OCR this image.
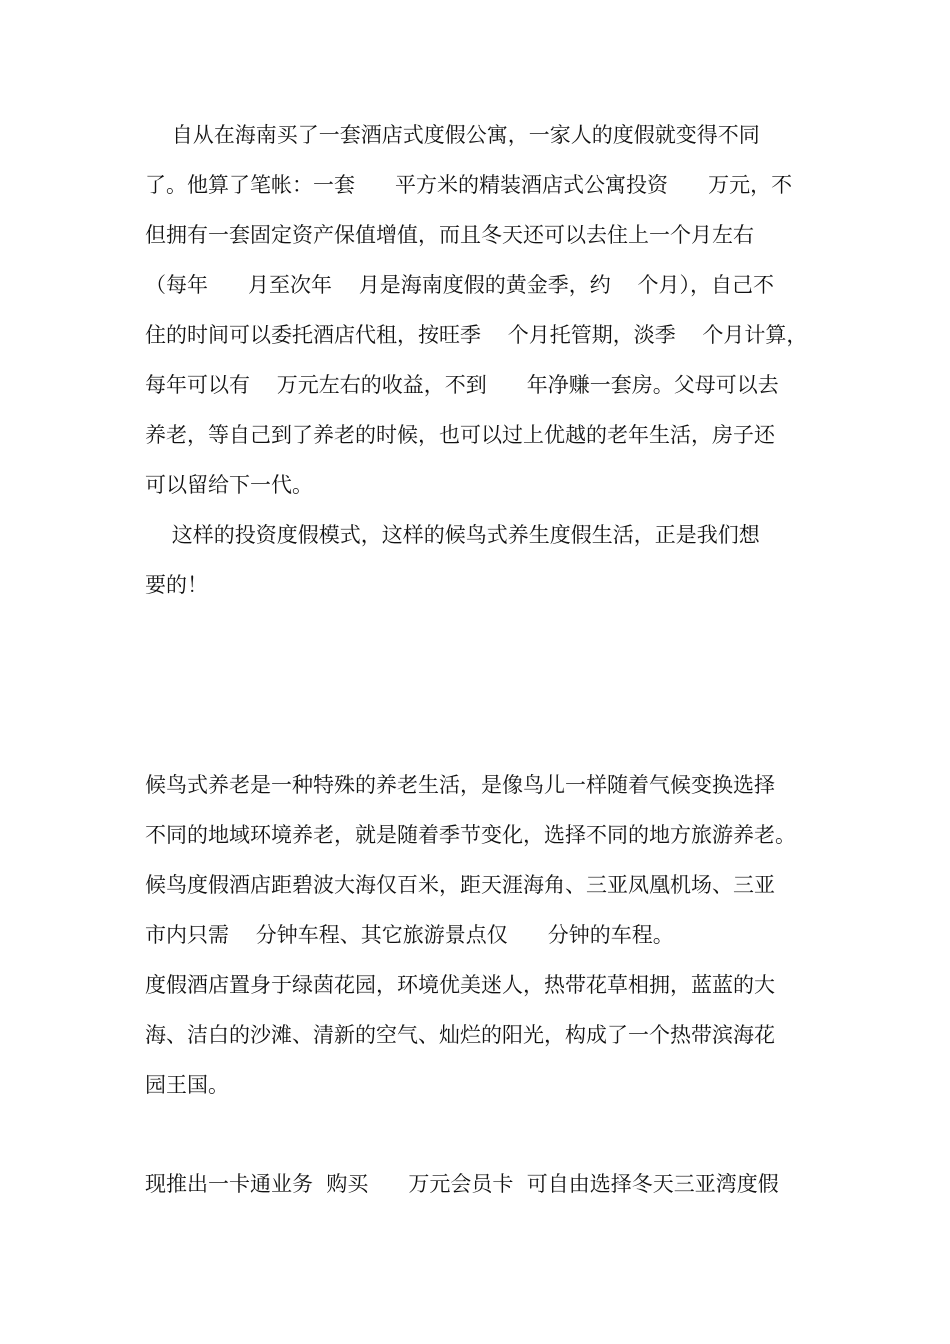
自从在海南买了一套酒店式度假公寓，一家人的度假就变得不同
了。他算了笔帐：一套      平方米的精装酒店式公寓投资      万元，不
但拥有一套固定资产保值增值，而且冬天还可以去住上一个月左右
（每年      月至次年    月是海南度假的黄金季，约    个月），自己不
住的时间可以委托酒店代租，按旺季    个月托管期，淡季    个月计算，
每年可以有    万元左右的收益，不到      年净赚一套房。父母可以去
养老，等自己到了养老的时候，也可以过上优越的老年生活，房子还
可以留给下一代。
这样的投资度假模式，这样的候鸟式养生度假生活，正是我们想
要的！
候鸟式养老是一种特殊的养老生活，是像鸟儿一样随着气候变换选择
不同的地域环境养老，就是随着季节变化，选择不同的地方旅游养老。
候鸟度假酒店距碧波大海仅百米，距天涯海角、三亚凤凰机场、三亚
市内只需    分钟车程、其它旅游景点仅      分钟的车程。
度假酒店置身于绿茵花园，环境优美迷人，热带花草相拥，蓝蓝的大
海、洁白的沙滩、清新的空气、灿烂的阳光，构成了一个热带滨海花
园王国。
现推出一卡通业务  购买      万元会员卡  可自由选择冬天三亚湾度假
